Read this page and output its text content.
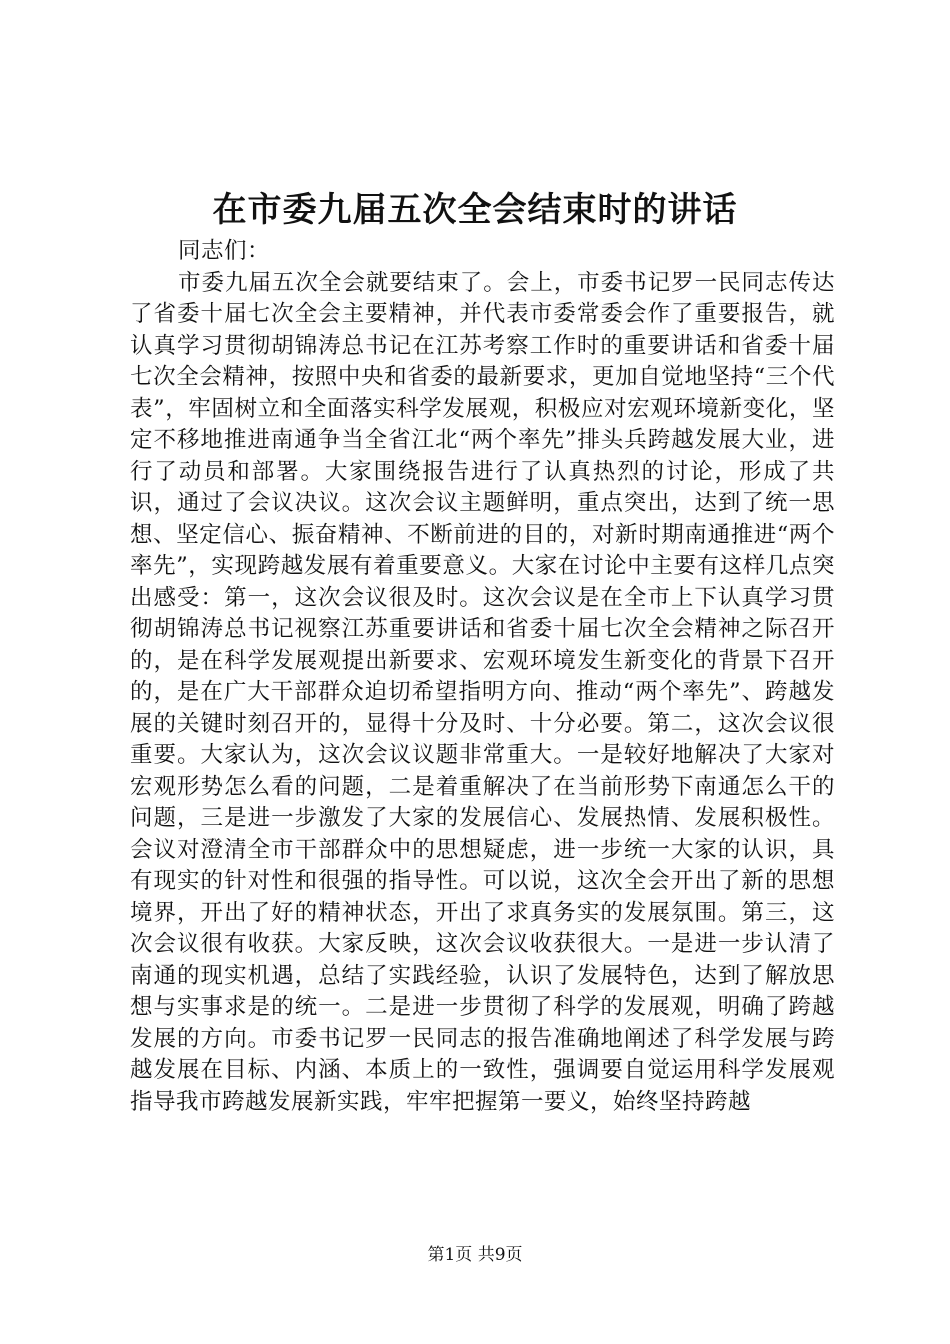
在市委九届五次全会结束时的讲话

同志们：

市委九届五次全会就要结束了。会上，市委书记罗一民同志传达了省委十届七次全会主要精神，并代表市委常委会作了重要报告，就认真学习贯彻胡锦涛总书记在江苏考察工作时的重要讲话和省委十届七次全会精神，按照中央和省委的最新要求，更加自觉地坚持“三个代表”，牢固树立和全面落实科学发展观，积极应对宏观环境新变化，坚定不移地推进南通争当全省江北“两个率先”排头兵跨越发展大业，进行了动员和部署。大家围绕报告进行了认真热烈的讨论，形成了共识，通过了会议决议。这次会议主题鲜明，重点突出，达到了统一思想、坚定信心、振奋精神、不断前进的目的，对新时期南通推进“两个率先”，实现跨越发展有着重要意义。大家在讨论中主要有这样几点突出感受：第一，这次会议很及时。这次会议是在全市上下认真学习贯彻胡锦涛总书记视察江苏重要讲话和省委十届七次全会精神之际召开的，是在科学发展观提出新要求、宏观环境发生新变化的背景下召开的，是在广大干部群众迫切希望指明方向、推动“两个率先”、跨越发展的关键时刻召开的，显得十分及时、十分必要。第二，这次会议很重要。大家认为，这次会议议题非常重大。一是较好地解决了大家对宏观形势怎么看的问题，二是着重解决了在当前形势下南通怎么干的问题，三是进一步激发了大家的发展信心、发展热情、发展积极性。会议对澄清全市干部群众中的思想疑虑，进一步统一大家的认识，具有现实的针对性和很强的指导性。可以说，这次全会开出了新的思想境界，开出了好的精神状态，开出了求真务实的发展氛围。第三，这次会议很有收获。大家反映，这次会议收获很大。一是进一步认清了南通的现实机遇，总结了实践经验，认识了发展特色，达到了解放思想与实事求是的统一。二是进一步贯彻了科学的发展观，明确了跨越发展的方向。市委书记罗一民同志的报告准确地阐述了科学发展与跨越发展在目标、内涵、本质上的一致性，强调要自觉运用科学发展观指导我市跨越发展新实践，牢牢把握第一要义，始终坚持跨越

第1页 共9页
